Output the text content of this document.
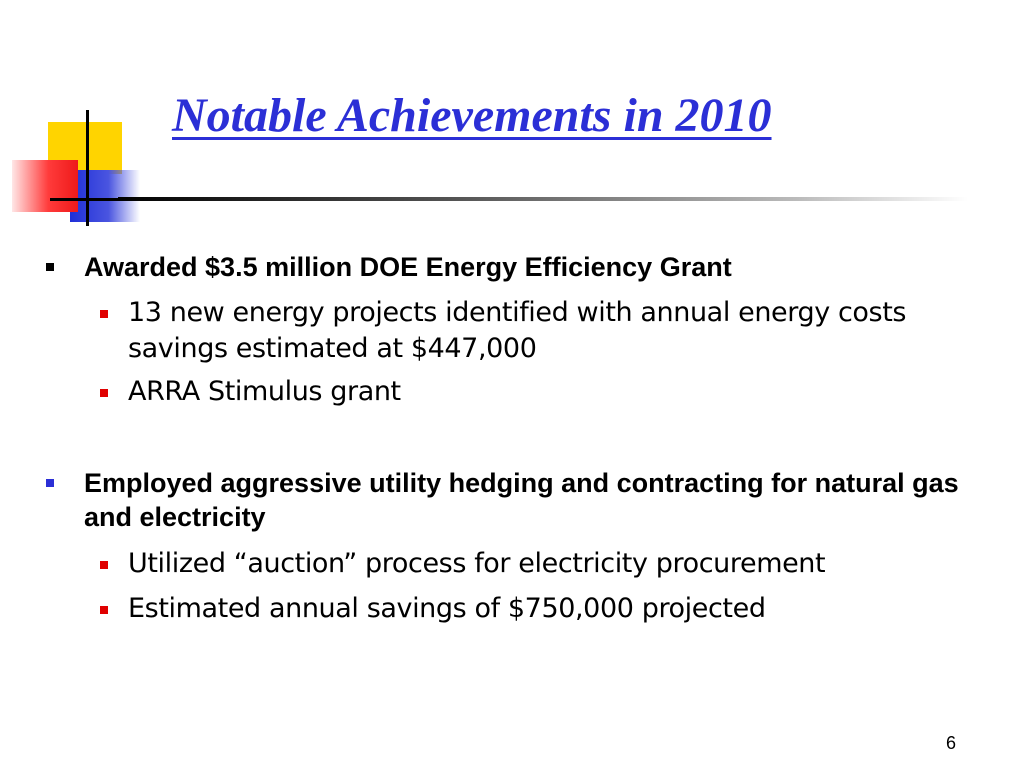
Notable Achievements in 2010
Awarded $3.5 million DOE Energy Efficiency Grant
13 new energy projects identified with annual energy costs savings estimated at $447,000
ARRA Stimulus grant
Employed aggressive utility hedging and contracting for natural gas and electricity
Utilized “auction” process for electricity procurement
Estimated annual savings of $750,000 projected
6
